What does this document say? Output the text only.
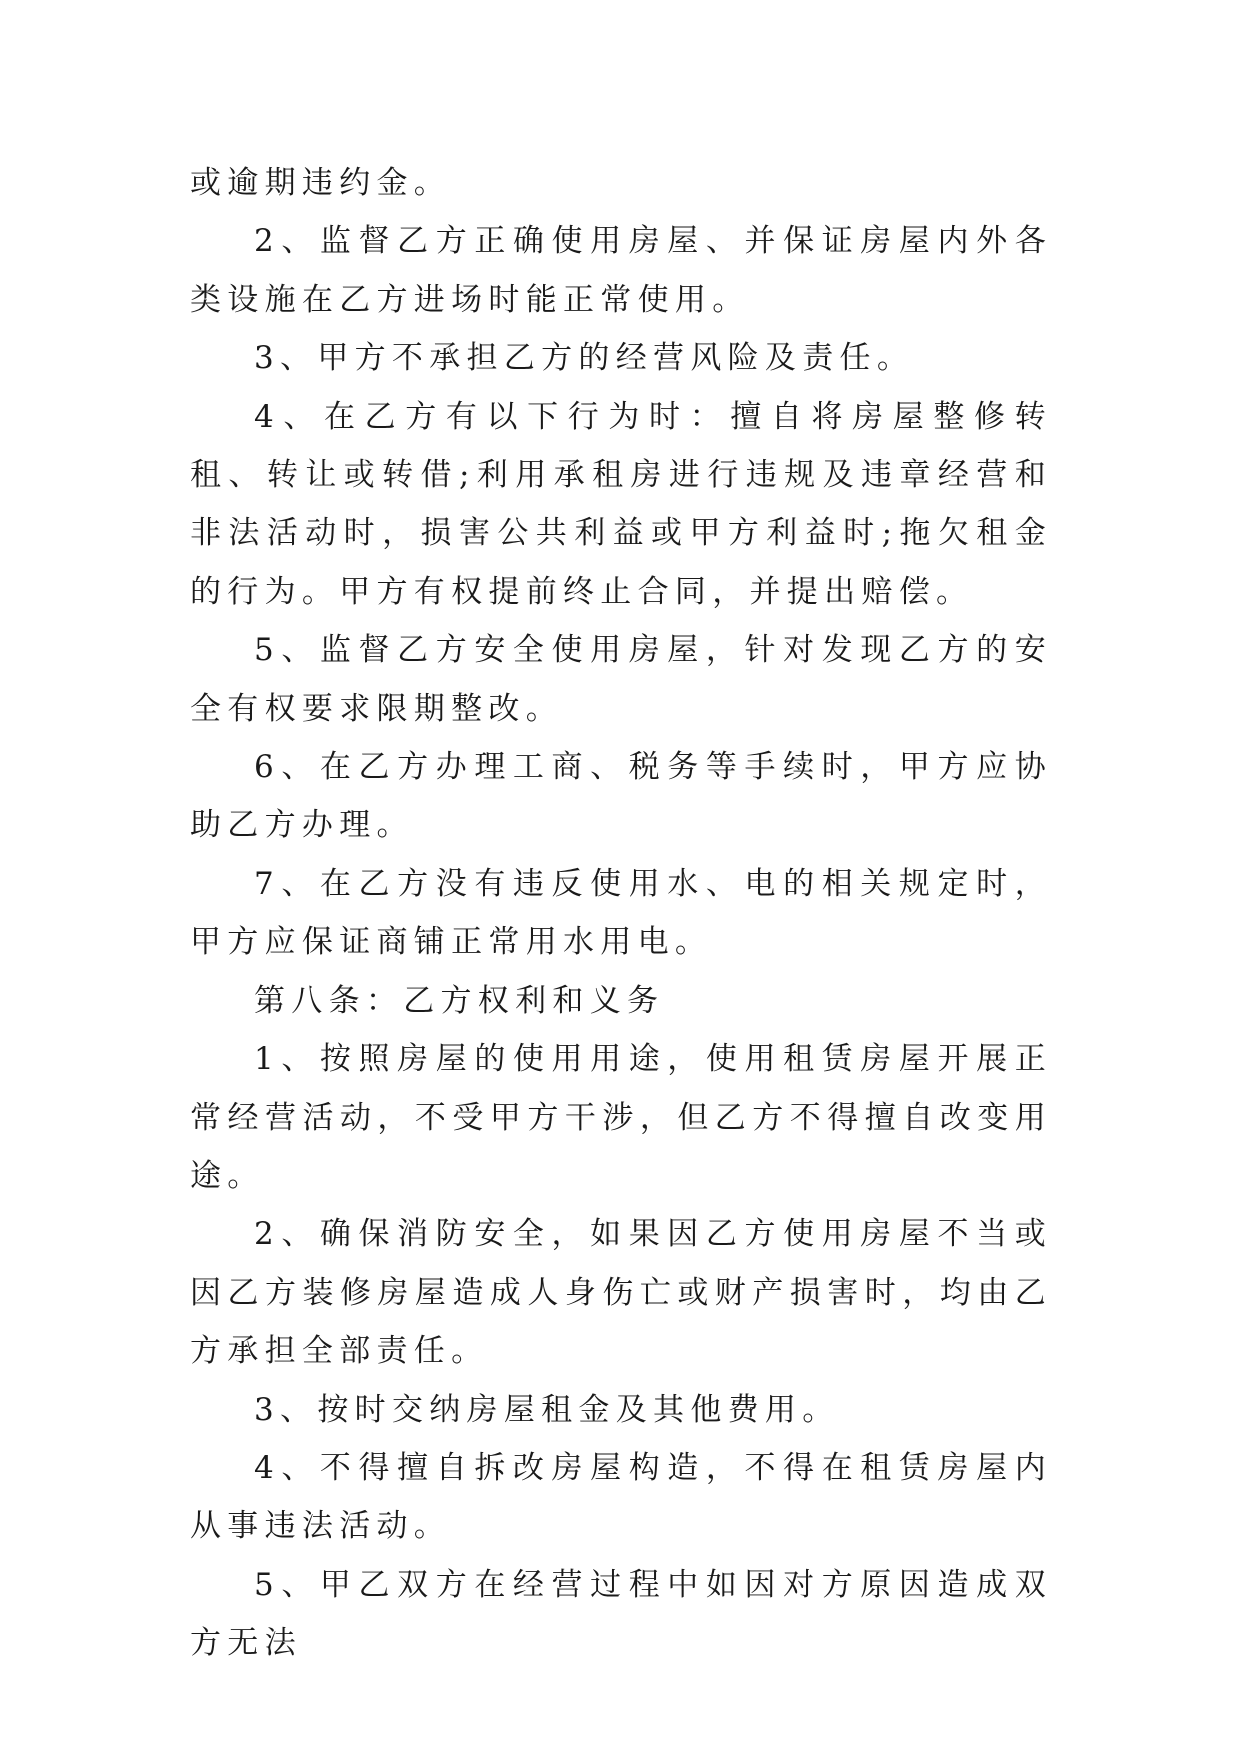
或逾期违约金。

2、监督乙方正确使用房屋、并保证房屋内外各类设施在乙方进场时能正常使用。

3、甲方不承担乙方的经营风险及责任。

4、在乙方有以下行为时：擅自将房屋整修转租、转让或转借;利用承租房进行违规及违章经营和非法活动时，损害公共利益或甲方利益时;拖欠租金的行为。甲方有权提前终止合同，并提出赔偿。

5、监督乙方安全使用房屋，针对发现乙方的安全有权要求限期整改。

6、在乙方办理工商、税务等手续时，甲方应协助乙方办理。

7、在乙方没有违反使用水、电的相关规定时，甲方应保证商铺正常用水用电。

第八条：乙方权利和义务

1、按照房屋的使用用途，使用租赁房屋开展正常经营活动，不受甲方干涉，但乙方不得擅自改变用途。

2、确保消防安全，如果因乙方使用房屋不当或因乙方装修房屋造成人身伤亡或财产损害时，均由乙方承担全部责任。

3、按时交纳房屋租金及其他费用。

4、不得擅自拆改房屋构造，不得在租赁房屋内从事违法活动。

5、甲乙双方在经营过程中如因对方原因造成双方无法
